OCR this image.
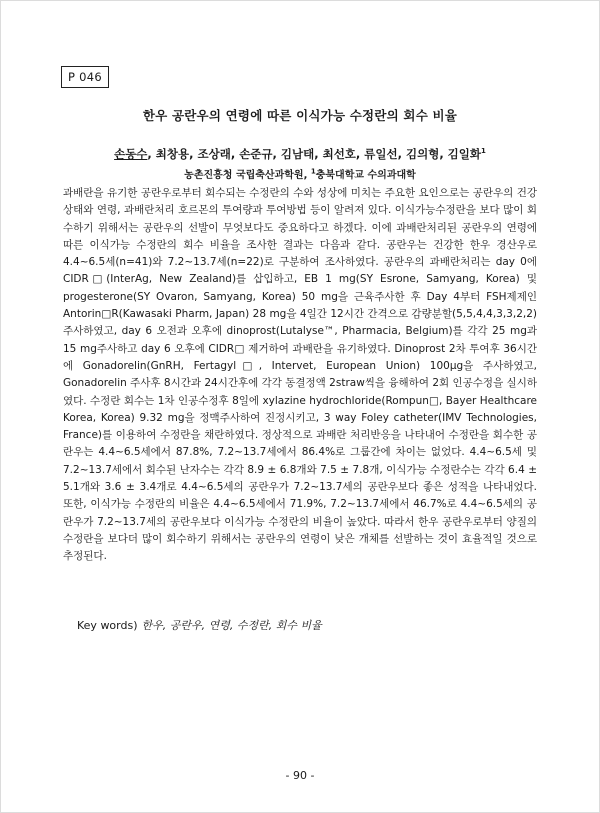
P 046
한우 공란우의 연령에 따른 이식가능 수정란의 회수 비율
손동수, 최창용, 조상래, 손준규, 김남태, 최선호, 류일선, 김의형, 김일화$^1$
농촌진흥청 국립축산과학원, $^1$충북대학교 수의과대학
과배란을 유기한 공란우로부터 회수되는 수정란의 수와 성상에 미치는 주요한 요인으로는 공란우의 건강상태와 연령, 과배란처리 호르몬의 투여량과 투여방법 등이 알려져 있다. 이식가능수정란을 보다 많이 회수하기 위해서는 공란우의 선발이 무엇보다도 중요하다고 하겠다. 이에 과배란처리된 공란우의 연령에 따른 이식가능 수정란의 회수 비율을 조사한 결과는 다음과 같다. 공란우는 건강한 한우 경산우로 4.4~6.5세(n=41)와 7.2~13.7세(n=22)로 구분하여 조사하였다. 공란우의 과배란처리는 day 0에 CIDR□(InterAg, New Zealand)를 삽입하고, EB 1 mg(SY Esrone, Samyang, Korea) 및 progesterone(SY Ovaron, Samyang, Korea) 50 mg을 근육주사한 후 Day 4부터 FSH제제인 Antorin□R(Kawasaki Pharm, Japan) 28 mg을 4일간 12시간 간격으로 감량분할(5,5,4,4,3,3,2,2)주사하였고, day 6 오전과 오후에 dinoprost(Lutalyse™, Pharmacia, Belgium)를 각각 25 mg과 15 mg주사하고 day 6 오후에 CIDR□ 제거하여 과배란을 유기하였다. Dinoprost 2차 투여후 36시간에 Gonadorelin(GnRH, Fertagyl□, Intervet, European Union) 100μg을 주사하였고, Gonadorelin 주사후 8시간과 24시간후에 각각 동결정액 2straw씩을 융해하여 2회 인공수정을 실시하였다. 수정란 회수는 1차 인공수정후 8일에 xylazine hydrochloride(Rompun□, Bayer Healthcare Korea, Korea) 9.32 mg을 정맥주사하여 진정시키고, 3 way Foley catheter(IMV Technologies, France)를 이용하여 수정란을 채란하였다. 정상적으로 과배란 처리반응을 나타내어 수정란을 회수한 공란우는 4.4~6.5세에서 87.8%, 7.2~13.7세에서 86.4%로 그룹간에 차이는 없었다. 4.4~6.5세 및 7.2~13.7세에서 회수된 난자수는 각각 8.9 ± 6.8개와 7.5 ± 7.8개, 이식가능 수정란수는 각각 6.4 ± 5.1개와 3.6 ± 3.4개로 4.4~6.5세의 공란우가 7.2~13.7세의 공란우보다 좋은 성적을 나타내었다. 또한, 이식가능 수정란의 비율은 4.4~6.5세에서 71.9%, 7.2~13.7세에서 46.7%로 4.4~6.5세의 공란우가 7.2~13.7세의 공란우보다 이식가능 수정란의 비율이 높았다. 따라서 한우 공란우로부터 양질의 수정란을 보다더 많이 회수하기 위해서는 공란우의 연령이 낮은 개체를 선발하는 것이 효율적일 것으로 추정된다.
Key words) 한우, 공란우, 연령, 수정란, 회수 비율
- 90 -
